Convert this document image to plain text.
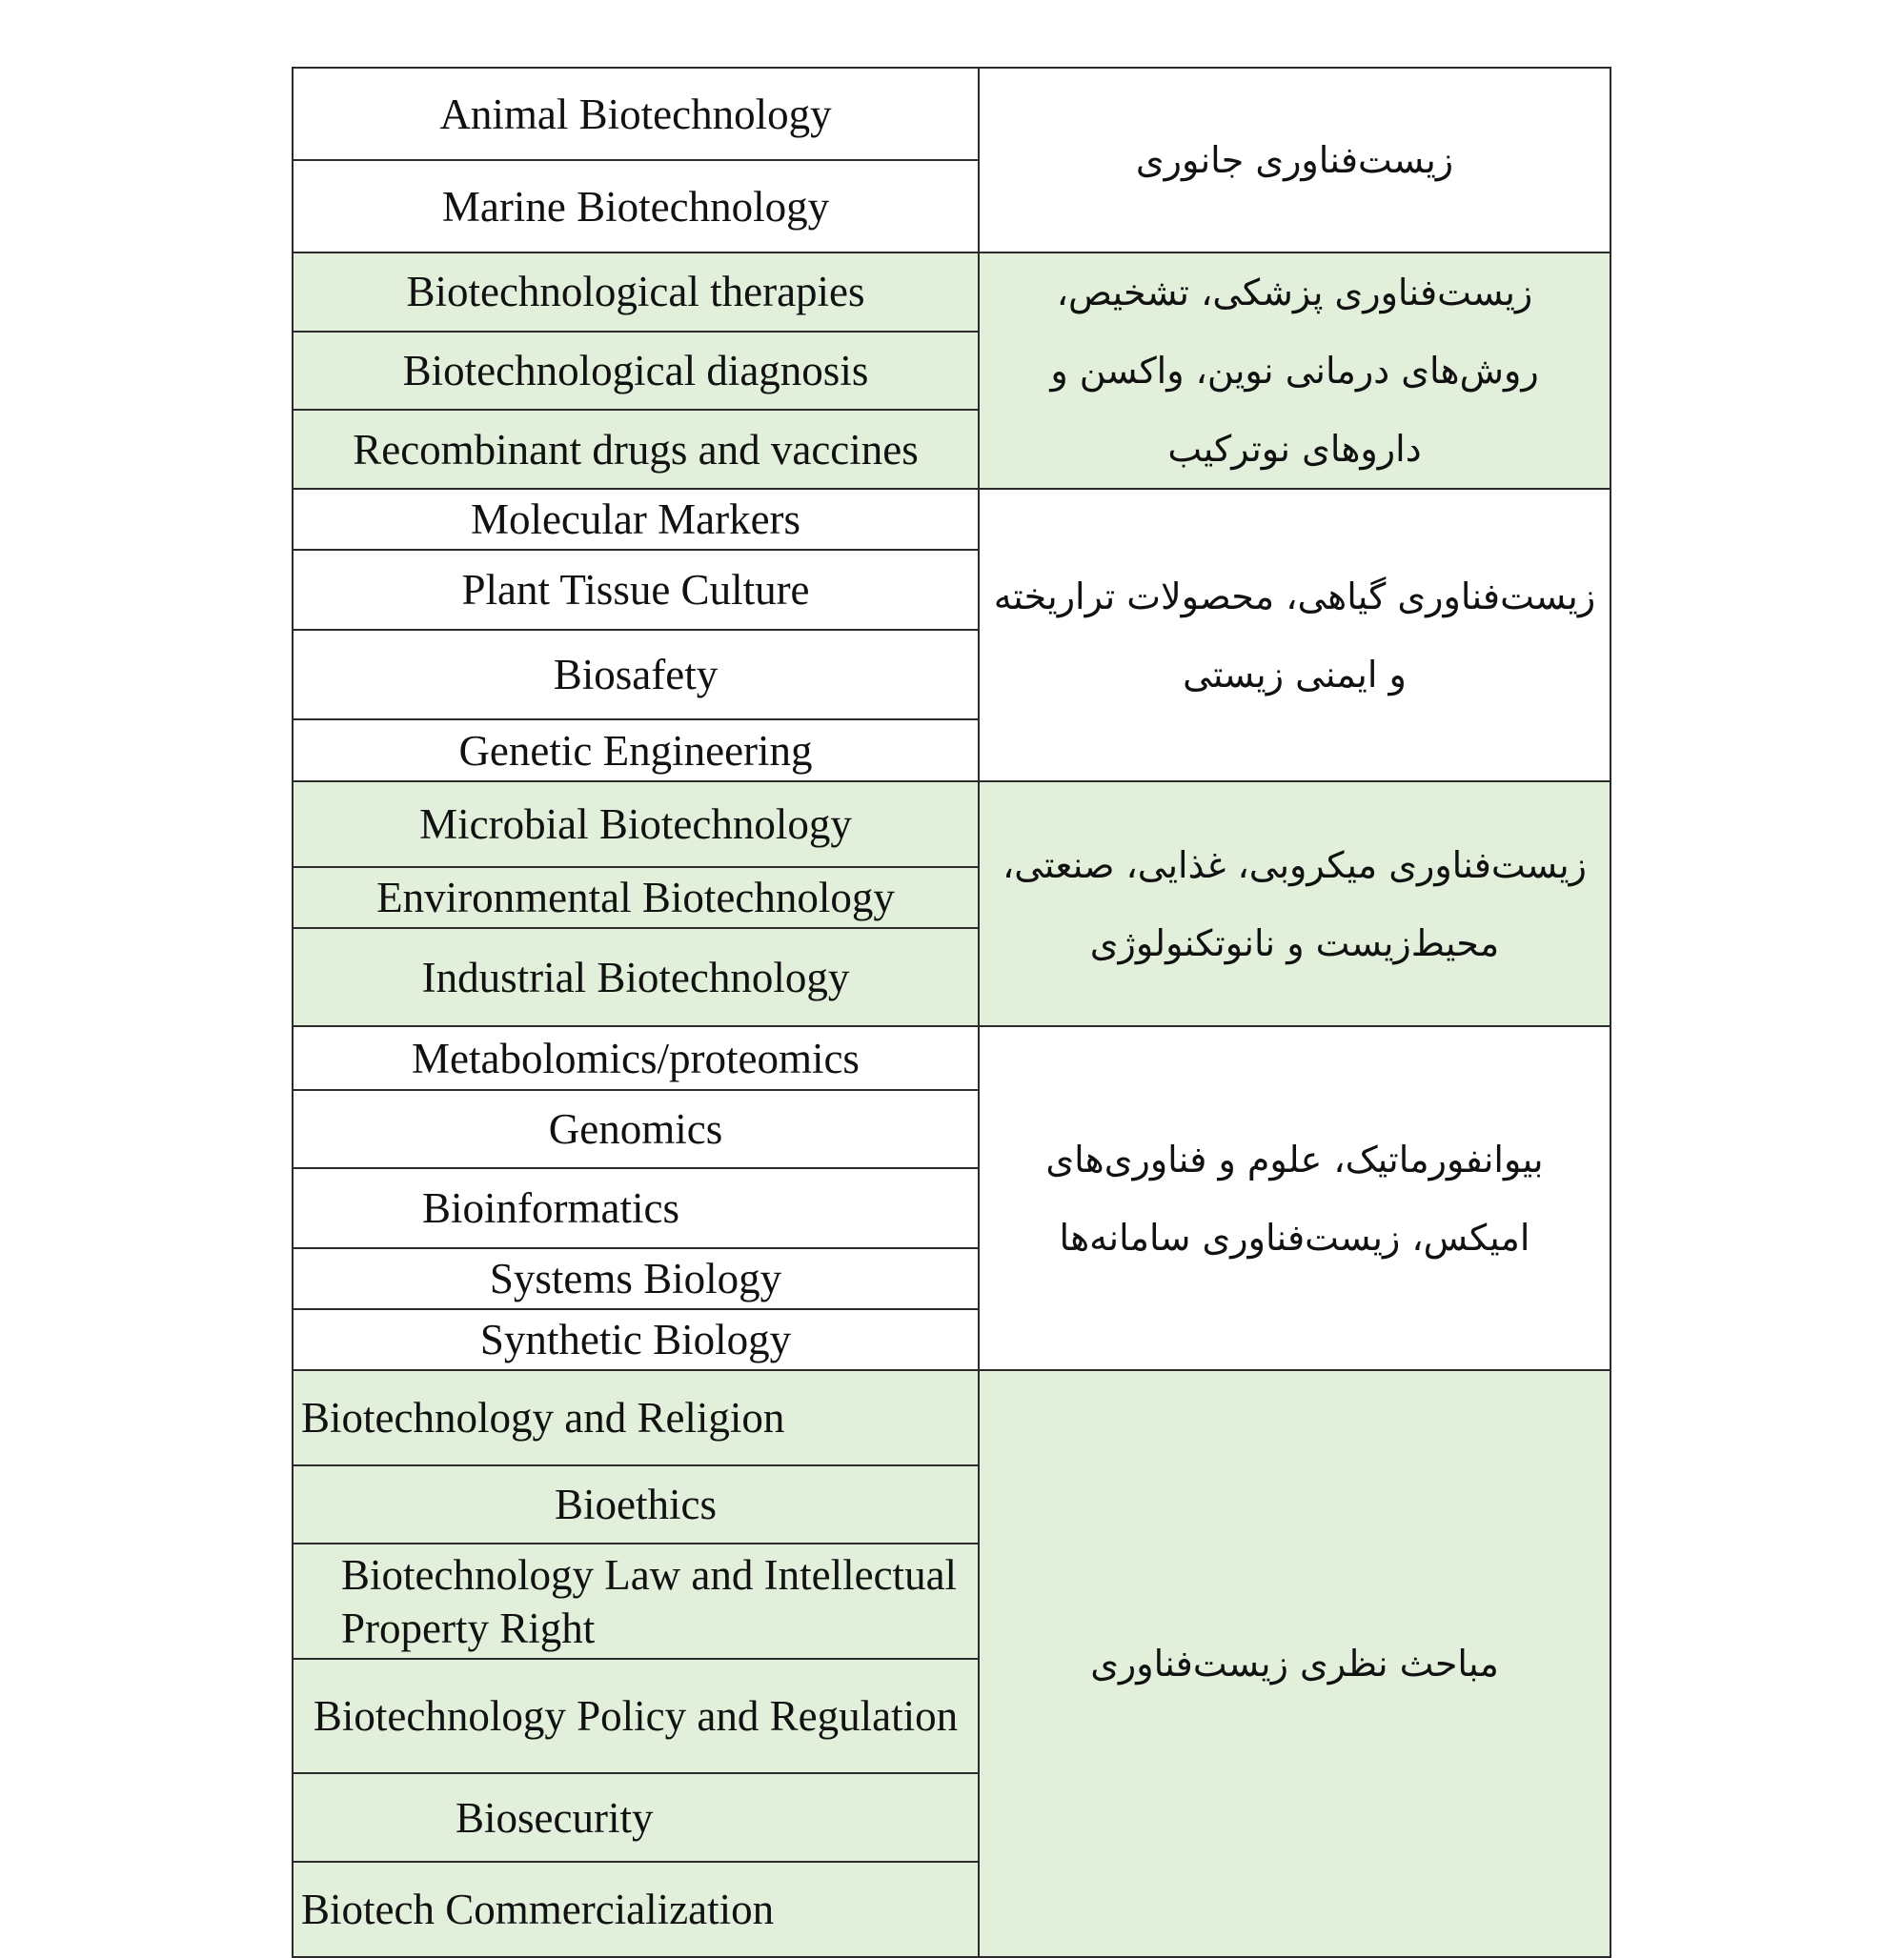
Animal Biotechnology	زیست‌فناوری جانوری
Marine Biotechnology	
Biotechnological therapies	زیست‌فناوری پزشکی، تشخیص، روش‌های درمانی نوین، واکسن و داروهای نوترکیب
Biotechnological diagnosis	
Recombinant drugs and vaccines	
Molecular Markers	زیست‌فناوری گیاهی، محصولات تراریخته و ایمنی زیستی
Plant Tissue Culture	
Biosafety	
Genetic Engineering	
Microbial Biotechnology	زیست‌فناوری میکروبی، غذایی، صنعتی، محیط‌زیست و نانوتکنولوژی
Environmental Biotechnology	
Industrial Biotechnology	
Metabolomics/proteomics	بیوانفورماتیک، علوم و فناوری‌های امیکس، زیست‌فناوری سامانه‌ها
Genomics	
Bioinformatics	
Systems Biology	
Synthetic Biology	
Biotechnology and Religion	مباحث نظری زیست‌فناوری
Bioethics	
Biotechnology Law and Intellectual Property Right	
Biotechnology Policy and Regulation	
Biosecurity	
Biotech Commercialization	
